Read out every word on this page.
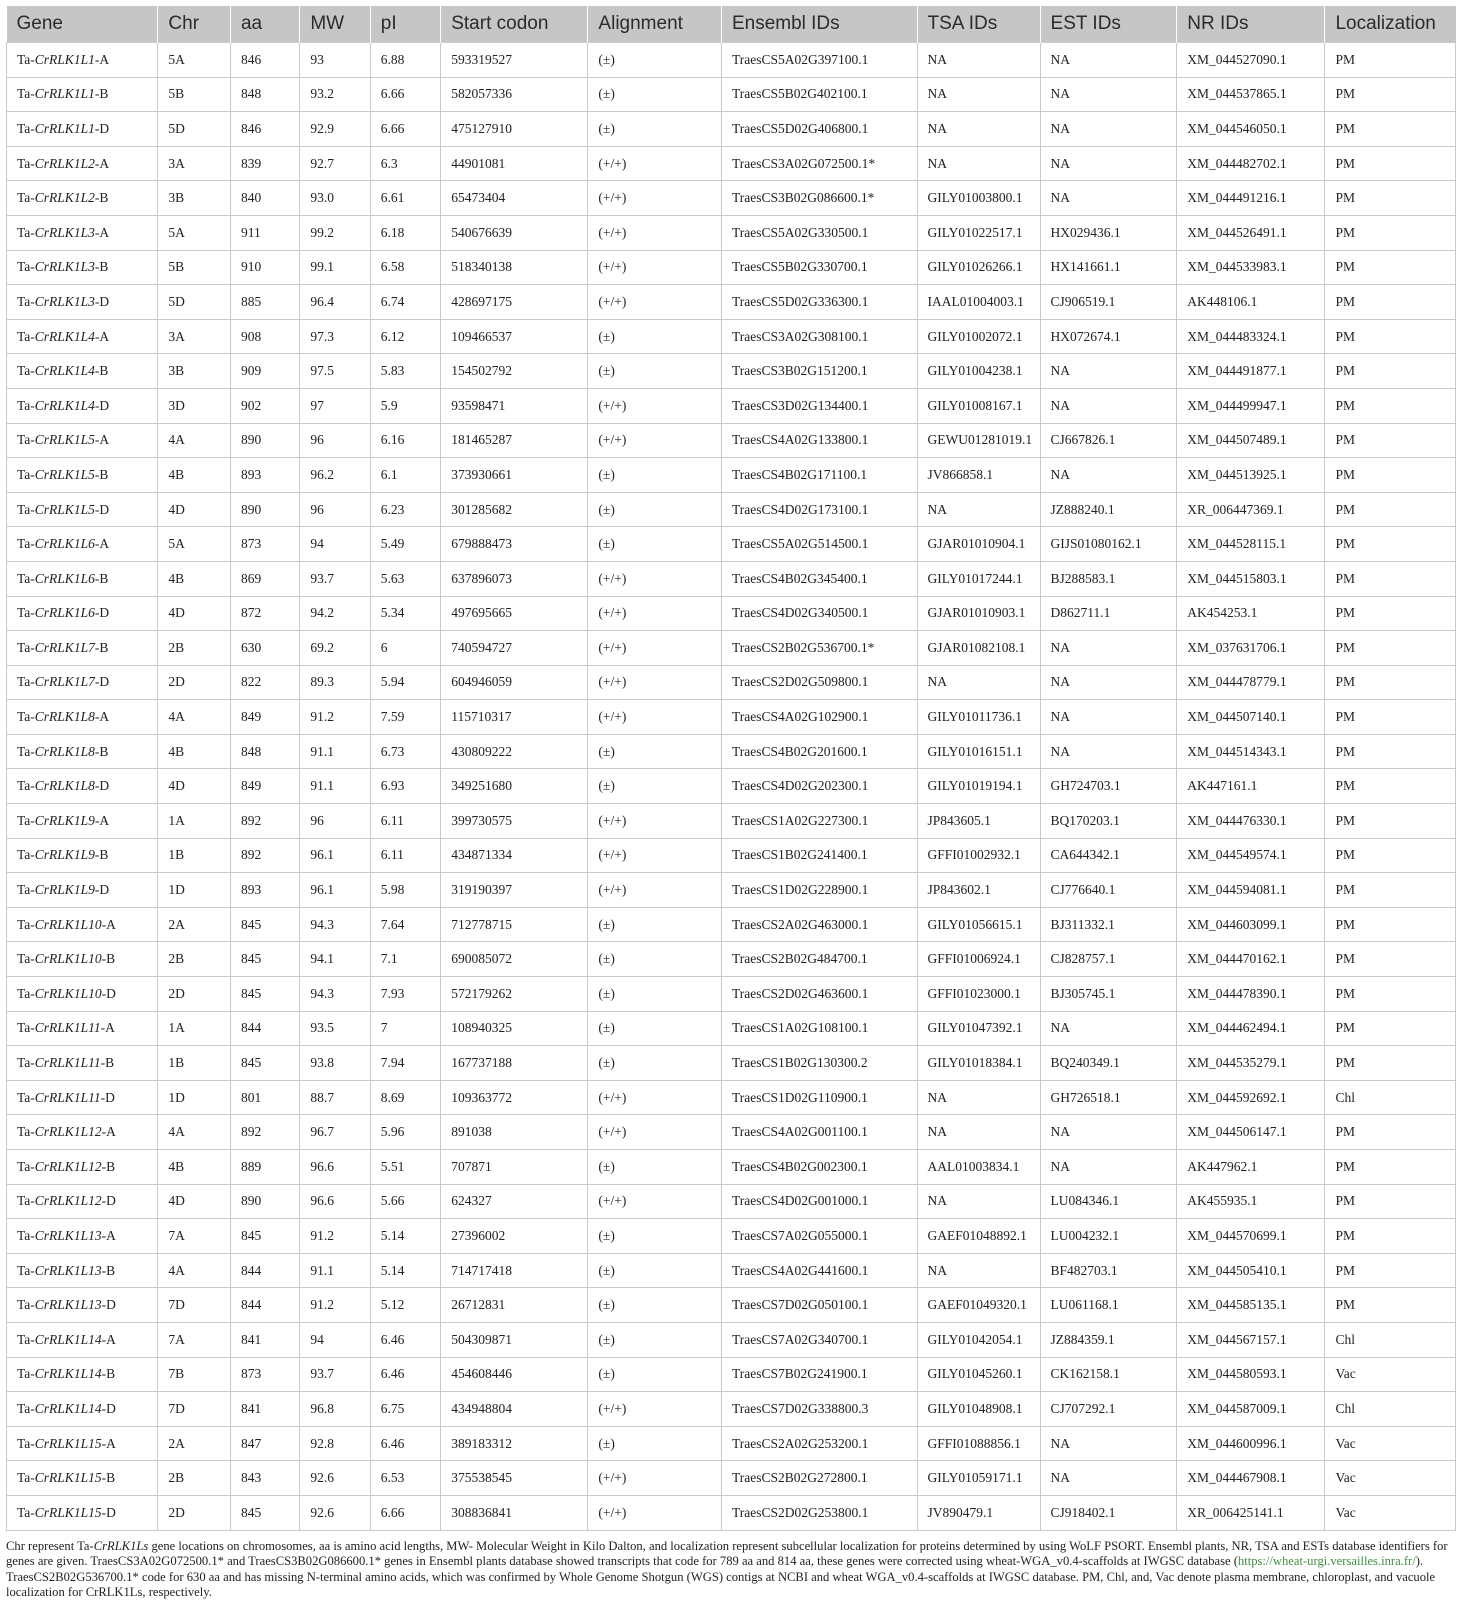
Gene	Chr	aa	MW	pI	Start codon	Alignment	Ensembl IDs	TSA IDs	EST IDs	NR IDs	Localization
Ta-CrRLK1L1-A	5A	846	93	6.88	593319527	(±)	TraesCS5A02G397100.1	NA	NA	XM_044527090.1	PM
Ta-CrRLK1L1-B	5B	848	93.2	6.66	582057336	(±)	TraesCS5B02G402100.1	NA	NA	XM_044537865.1	PM
Ta-CrRLK1L1-D	5D	846	92.9	6.66	475127910	(±)	TraesCS5D02G406800.1	NA	NA	XM_044546050.1	PM
Ta-CrRLK1L2-A	3A	839	92.7	6.3	44901081	(+/+)	TraesCS3A02G072500.1*	NA	NA	XM_044482702.1	PM
Ta-CrRLK1L2-B	3B	840	93.0	6.61	65473404	(+/+)	TraesCS3B02G086600.1*	GILY01003800.1	NA	XM_044491216.1	PM
Ta-CrRLK1L3-A	5A	911	99.2	6.18	540676639	(+/+)	TraesCS5A02G330500.1	GILY01022517.1	HX029436.1	XM_044526491.1	PM
Ta-CrRLK1L3-B	5B	910	99.1	6.58	518340138	(+/+)	TraesCS5B02G330700.1	GILY01026266.1	HX141661.1	XM_044533983.1	PM
Ta-CrRLK1L3-D	5D	885	96.4	6.74	428697175	(+/+)	TraesCS5D02G336300.1	IAAL01004003.1	CJ906519.1	AK448106.1	PM
Ta-CrRLK1L4-A	3A	908	97.3	6.12	109466537	(±)	TraesCS3A02G308100.1	GILY01002072.1	HX072674.1	XM_044483324.1	PM
Ta-CrRLK1L4-B	3B	909	97.5	5.83	154502792	(±)	TraesCS3B02G151200.1	GILY01004238.1	NA	XM_044491877.1	PM
Ta-CrRLK1L4-D	3D	902	97	5.9	93598471	(+/+)	TraesCS3D02G134400.1	GILY01008167.1	NA	XM_044499947.1	PM
Ta-CrRLK1L5-A	4A	890	96	6.16	181465287	(+/+)	TraesCS4A02G133800.1	GEWU01281019.1	CJ667826.1	XM_044507489.1	PM
Ta-CrRLK1L5-B	4B	893	96.2	6.1	373930661	(±)	TraesCS4B02G171100.1	JV866858.1	NA	XM_044513925.1	PM
Ta-CrRLK1L5-D	4D	890	96	6.23	301285682	(±)	TraesCS4D02G173100.1	NA	JZ888240.1	XR_006447369.1	PM
Ta-CrRLK1L6-A	5A	873	94	5.49	679888473	(±)	TraesCS5A02G514500.1	GJAR01010904.1	GIJS01080162.1	XM_044528115.1	PM
Ta-CrRLK1L6-B	4B	869	93.7	5.63	637896073	(+/+)	TraesCS4B02G345400.1	GILY01017244.1	BJ288583.1	XM_044515803.1	PM
Ta-CrRLK1L6-D	4D	872	94.2	5.34	497695665	(+/+)	TraesCS4D02G340500.1	GJAR01010903.1	D862711.1	AK454253.1	PM
Ta-CrRLK1L7-B	2B	630	69.2	6	740594727	(+/+)	TraesCS2B02G536700.1*	GJAR01082108.1	NA	XM_037631706.1	PM
Ta-CrRLK1L7-D	2D	822	89.3	5.94	604946059	(+/+)	TraesCS2D02G509800.1	NA	NA	XM_044478779.1	PM
Ta-CrRLK1L8-A	4A	849	91.2	7.59	115710317	(+/+)	TraesCS4A02G102900.1	GILY01011736.1	NA	XM_044507140.1	PM
Ta-CrRLK1L8-B	4B	848	91.1	6.73	430809222	(±)	TraesCS4B02G201600.1	GILY01016151.1	NA	XM_044514343.1	PM
Ta-CrRLK1L8-D	4D	849	91.1	6.93	349251680	(±)	TraesCS4D02G202300.1	GILY01019194.1	GH724703.1	AK447161.1	PM
Ta-CrRLK1L9-A	1A	892	96	6.11	399730575	(+/+)	TraesCS1A02G227300.1	JP843605.1	BQ170203.1	XM_044476330.1	PM
Ta-CrRLK1L9-B	1B	892	96.1	6.11	434871334	(+/+)	TraesCS1B02G241400.1	GFFI01002932.1	CA644342.1	XM_044549574.1	PM
Ta-CrRLK1L9-D	1D	893	96.1	5.98	319190397	(+/+)	TraesCS1D02G228900.1	JP843602.1	CJ776640.1	XM_044594081.1	PM
Ta-CrRLK1L10-A	2A	845	94.3	7.64	712778715	(±)	TraesCS2A02G463000.1	GILY01056615.1	BJ311332.1	XM_044603099.1	PM
Ta-CrRLK1L10-B	2B	845	94.1	7.1	690085072	(±)	TraesCS2B02G484700.1	GFFI01006924.1	CJ828757.1	XM_044470162.1	PM
Ta-CrRLK1L10-D	2D	845	94.3	7.93	572179262	(±)	TraesCS2D02G463600.1	GFFI01023000.1	BJ305745.1	XM_044478390.1	PM
Ta-CrRLK1L11-A	1A	844	93.5	7	108940325	(±)	TraesCS1A02G108100.1	GILY01047392.1	NA	XM_044462494.1	PM
Ta-CrRLK1L11-B	1B	845	93.8	7.94	167737188	(±)	TraesCS1B02G130300.2	GILY01018384.1	BQ240349.1	XM_044535279.1	PM
Ta-CrRLK1L11-D	1D	801	88.7	8.69	109363772	(+/+)	TraesCS1D02G110900.1	NA	GH726518.1	XM_044592692.1	Chl
Ta-CrRLK1L12-A	4A	892	96.7	5.96	891038	(+/+)	TraesCS4A02G001100.1	NA	NA	XM_044506147.1	PM
Ta-CrRLK1L12-B	4B	889	96.6	5.51	707871	(±)	TraesCS4B02G002300.1	AAL01003834.1	NA	AK447962.1	PM
Ta-CrRLK1L12-D	4D	890	96.6	5.66	624327	(+/+)	TraesCS4D02G001000.1	NA	LU084346.1	AK455935.1	PM
Ta-CrRLK1L13-A	7A	845	91.2	5.14	27396002	(±)	TraesCS7A02G055000.1	GAEF01048892.1	LU004232.1	XM_044570699.1	PM
Ta-CrRLK1L13-B	4A	844	91.1	5.14	714717418	(±)	TraesCS4A02G441600.1	NA	BF482703.1	XM_044505410.1	PM
Ta-CrRLK1L13-D	7D	844	91.2	5.12	26712831	(±)	TraesCS7D02G050100.1	GAEF01049320.1	LU061168.1	XM_044585135.1	PM
Ta-CrRLK1L14-A	7A	841	94	6.46	504309871	(±)	TraesCS7A02G340700.1	GILY01042054.1	JZ884359.1	XM_044567157.1	Chl
Ta-CrRLK1L14-B	7B	873	93.7	6.46	454608446	(±)	TraesCS7B02G241900.1	GILY01045260.1	CK162158.1	XM_044580593.1	Vac
Ta-CrRLK1L14-D	7D	841	96.8	6.75	434948804	(+/+)	TraesCS7D02G338800.3	GILY01048908.1	CJ707292.1	XM_044587009.1	Chl
Ta-CrRLK1L15-A	2A	847	92.8	6.46	389183312	(±)	TraesCS2A02G253200.1	GFFI01088856.1	NA	XM_044600996.1	Vac
Ta-CrRLK1L15-B	2B	843	92.6	6.53	375538545	(+/+)	TraesCS2B02G272800.1	GILY01059171.1	NA	XM_044467908.1	Vac
Ta-CrRLK1L15-D	2D	845	92.6	6.66	308836841	(+/+)	TraesCS2D02G253800.1	JV890479.1	CJ918402.1	XR_006425141.1	Vac
Chr represent Ta-CrRLK1Ls gene locations on chromosomes, aa is amino acid lengths, MW- Molecular Weight in Kilo Dalton, and localization represent subcellular localization for proteins determined by using WoLF PSORT. Ensembl plants, NR, TSA and ESTs database identifiers for genes are given. TraesCS3A02G072500.1* and TraesCS3B02G086600.1* genes in Ensembl plants database showed transcripts that code for 789 aa and 814 aa, these genes were corrected using wheat-WGA_v0.4-scaffolds at IWGSC database (https://wheat-urgi.versailles.inra.fr/). TraesCS2B02G536700.1* code for 630 aa and has missing N-terminal amino acids, which was confirmed by Whole Genome Shotgun (WGS) contigs at NCBI and wheat WGA_v0.4-scaffolds at IWGSC database. PM, Chl, and, Vac denote plasma membrane, chloroplast, and vacuole localization for CrRLK1Ls, respectively.
